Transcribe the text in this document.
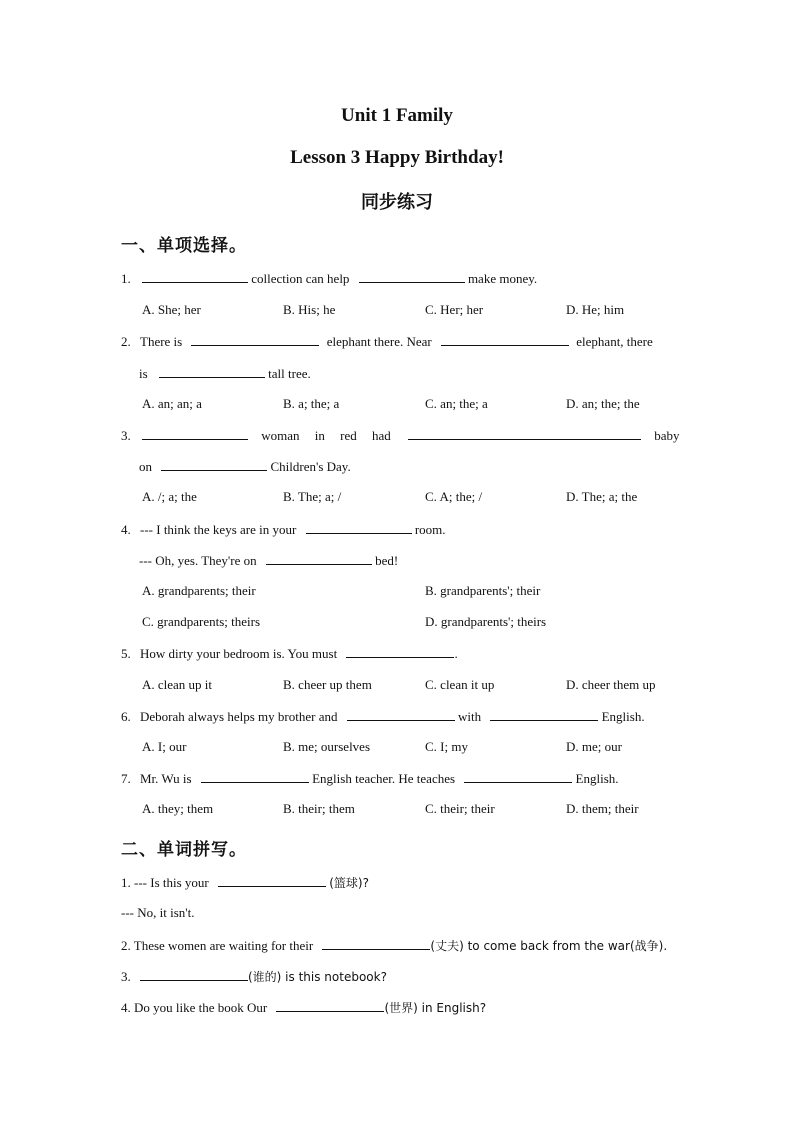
Unit 1 Family
Lesson 3 Happy Birthday!
同步练习
一、单项选择。
1.	collection can help	make money.
A. She; her	B. His; he	C. Her; her	D. He; him
2. There is	elephant there. Near	elephant, there
is	tall tree.
A. an; an; a	B. a; the; a	C. an; the; a	D. an; the; the
3.	woman in red had	baby
on	Children's Day.
A. /; a; the	B. The; a; /	C. A; the; /	D. The; a; the
4. --- I think the keys are in your	room.
--- Oh, yes. They're on	bed!
A. grandparents; their	B. grandparents'; their
C. grandparents; theirs	D. grandparents'; theirs
5. How dirty your bedroom is. You must	.
A. clean up it	B. cheer up them	C. clean it up	D. cheer them up
6. Deborah always helps my brother and	with	English.
A. I; our	B. me; ourselves	C. I; my	D. me; our
7. Mr. Wu is	English teacher. He teaches	English.
A. they; them	B. their; them	C. their; their	D. them; their
二、单词拼写。
1. --- Is this your	(篮球)?
--- No, it isn't.
2. These women are waiting for their	(丈夫) to come back from the war(战争).
3.	(谁的) is this notebook?
4. Do you like the book Our	(世界) in English?
